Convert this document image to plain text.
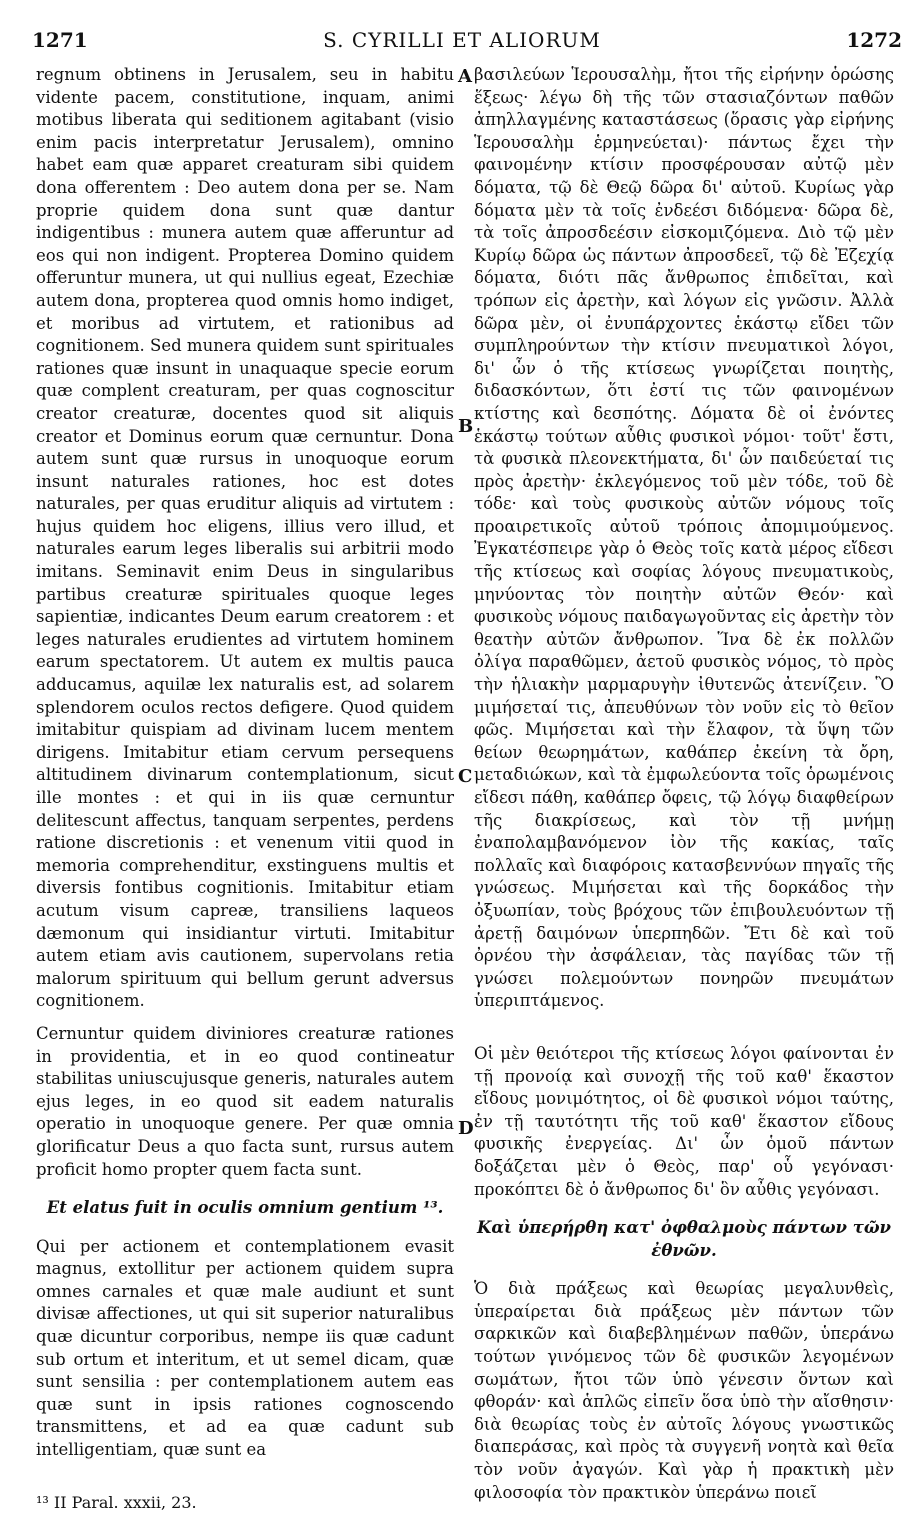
1271	S. CYRILLI ET ALIORUM	1272
A
B
C
D

regnum obtinens in Jerusalem, seu in habitu vidente pacem, constitutione, inquam, animi motibus liberata qui seditionem agitabant (visio enim pacis interpretatur Jerusalem), omnino habet eam quæ apparet creaturam sibi quidem dona offerentem : Deo autem dona per se. Nam proprie quidem dona sunt quæ dantur indigentibus : munera autem quæ afferuntur ad eos qui non indigent. Propterea Domino quidem offeruntur munera, ut qui nullius egeat, Ezechiæ autem dona, propterea quod omnis homo indiget, et moribus ad virtutem, et rationibus ad cognitionem. Sed munera quidem sunt spirituales rationes quæ insunt in unaquaque specie eorum quæ complent creaturam, per quas cognoscitur creator creaturæ, docentes quod sit aliquis creator et Dominus eorum quæ cernuntur. Dona autem sunt quæ rursus in unoquoque eorum insunt naturales rationes, hoc est dotes naturales, per quas eruditur aliquis ad virtutem : hujus quidem hoc eligens, illius vero illud, et naturales earum leges liberalis sui arbitrii modo imitans. Seminavit enim Deus in singularibus partibus creaturæ spirituales quoque leges sapientiæ, indicantes Deum earum creatorem : et leges naturales erudientes ad virtutem hominem earum spectatorem. Ut autem ex multis pauca adducamus, aquilæ lex naturalis est, ad solarem splendorem oculos rectos defigere. Quod quidem imitabitur quispiam ad divinam lucem mentem dirigens. Imitabitur etiam cervum persequens altitudinem divinarum contemplationum, sicut ille montes : et qui in iis quæ cernuntur delitescunt affectus, tanquam serpentes, perdens ratione discretionis : et venenum vitii quod in memoria comprehenditur, exstinguens multis et diversis fontibus cognitionis. Imitabitur etiam acutum visum capreæ, transiliens laqueos dæmonum qui insidiantur virtuti. Imitabitur autem etiam avis cautionem, supervolans retia malorum spirituum qui bellum gerunt adversus cognitionem.

Cernuntur quidem diviniores creaturæ rationes in providentia, et in eo quod contineatur stabilitas uniuscujusque generis, naturales autem ejus leges, in eo quod sit eadem naturalis operatio in unoquoque genere. Per quæ omnia glorificatur Deus a quo facta sunt, rursus autem proficit homo propter quem facta sunt.

Et elatus fuit in oculis omnium gentium ¹³.

Qui per actionem et contemplationem evasit magnus, extollitur per actionem quidem supra omnes carnales et quæ male audiunt et sunt divisæ affectiones, ut qui sit superior naturalibus quæ dicuntur corporibus, nempe iis quæ cadunt sub ortum et interitum, et ut semel dicam, quæ sunt sensilia : per contemplationem autem eas quæ sunt in ipsis rationes cognoscendo transmittens, et ad ea quæ cadunt sub intelligentiam, quæ sunt ea

¹³ II Paral. xxxii, 23.

βασιλεύων Ἱερουσαλὴμ, ἤτοι τῆς εἰρήνην ὁρώσης ἕξεως· λέγω δὴ τῆς τῶν στασιαζόντων παθῶν ἀπηλλαγμένης καταστάσεως (ὅρασις γὰρ εἰρήνης Ἱερουσαλὴμ ἑρμηνεύεται)· πάντως ἔχει τὴν φαινομένην κτίσιν προσφέρουσαν αὐτῷ μὲν δόματα, τῷ δὲ Θεῷ δῶρα δι' αὐτοῦ. Κυρίως γὰρ δόματα μὲν τὰ τοῖς ἐνδεέσι διδόμενα· δῶρα δὲ, τὰ τοῖς ἀπροσδεέσιν εἰσκομιζόμενα. Διὸ τῷ μὲν Κυρίῳ δῶρα ὡς πάντων ἀπροσδεεῖ, τῷ δὲ Ἐζεχίᾳ δόματα, διότι πᾶς ἄνθρωπος ἐπιδεῖται, καὶ τρόπων εἰς ἀρετὴν, καὶ λόγων εἰς γνῶσιν. Ἀλλὰ δῶρα μὲν, οἱ ἐνυπάρχοντες ἑκάστῳ εἴδει τῶν συμπληρούντων τὴν κτίσιν πνευματικοὶ λόγοι, δι' ὧν ὁ τῆς κτίσεως γνωρίζεται ποιητὴς, διδασκόντων, ὅτι ἐστί τις τῶν φαινομένων κτίστης καὶ δεσπότης. Δόματα δὲ οἱ ἐνόντες ἑκάστῳ τούτων αὖθις φυσικοὶ νόμοι· τοῦτ' ἔστι, τὰ φυσικὰ πλεονεκτήματα, δι' ὧν παιδεύεταί τις πρὸς ἀρετὴν· ἐκλεγόμενος τοῦ μὲν τόδε, τοῦ δὲ τόδε· καὶ τοὺς φυσικοὺς αὐτῶν νόμους τοῖς προαιρετικοῖς αὐτοῦ τρόποις ἀπομιμούμενος. Ἐγκατέσπειρε γὰρ ὁ Θεὸς τοῖς κατὰ μέρος εἴδεσι τῆς κτίσεως καὶ σοφίας λόγους πνευματικοὺς, μηνύοντας τὸν ποιητὴν αὐτῶν Θεόν· καὶ φυσικοὺς νόμους παιδαγωγοῦντας εἰς ἀρετὴν τὸν θεατὴν αὐτῶν ἄνθρωπον. Ἵνα δὲ ἐκ πολλῶν ὀλίγα παραθῶμεν, ἀετοῦ φυσικὸς νόμος, τὸ πρὸς τὴν ἡλιακὴν μαρμαρυγὴν ἰθυτενῶς ἀτενίζειν. Ὃ μιμήσεταί τις, ἀπευθύνων τὸν νοῦν εἰς τὸ θεῖον φῶς. Μιμήσεται καὶ τὴν ἔλαφον, τὰ ὕψη τῶν θείων θεωρημάτων, καθάπερ ἐκείνη τὰ ὄρη, μεταδιώκων, καὶ τὰ ἐμφωλεύοντα τοῖς ὁρωμένοις εἴδεσι πάθη, καθάπερ ὄφεις, τῷ λόγῳ διαφθείρων τῆς διακρίσεως, καὶ τὸν τῇ μνήμῃ ἐναπολαμβανόμενον ἰὸν τῆς κακίας, ταῖς πολλαῖς καὶ διαφόροις κατασβεννύων πηγαῖς τῆς γνώσεως. Μιμήσεται καὶ τῆς δορκάδος τὴν ὀξυωπίαν, τοὺς βρόχους τῶν ἐπιβουλευόντων τῇ ἀρετῇ δαιμόνων ὑπερπηδῶν. Ἔτι δὲ καὶ τοῦ ὀρνέου τὴν ἀσφάλειαν, τὰς παγίδας τῶν τῇ γνώσει πολεμούντων πονηρῶν πνευμάτων ὑπεριπτάμενος.

Οἱ μὲν θειότεροι τῆς κτίσεως λόγοι φαίνονται ἐν τῇ προνοίᾳ καὶ συνοχῇ τῆς τοῦ καθ' ἕκαστον εἴδους μονιμότητος, οἱ δὲ φυσικοὶ νόμοι ταύτης, ἐν τῇ ταυτότητι τῆς τοῦ καθ' ἕκαστον εἴδους φυσικῆς ἐνεργείας. Δι' ὧν ὁμοῦ πάντων δοξάζεται μὲν ὁ Θεὸς, παρ' οὗ γεγόνασι· προκόπτει δὲ ὁ ἄνθρωπος δι' ὃν αὖθις γεγόνασι.

Καὶ ὑπερήρθη κατ' ὀφθαλμοὺς πάντων τῶν ἐθνῶν.

Ὁ διὰ πράξεως καὶ θεωρίας μεγαλυνθεὶς, ὑπεραίρεται διὰ πράξεως μὲν πάντων τῶν σαρκικῶν καὶ διαβεβλημένων παθῶν, ὑπεράνω τούτων γινόμενος τῶν δὲ φυσικῶν λεγομένων σωμάτων, ἤτοι τῶν ὑπὸ γένεσιν ὄντων καὶ φθοράν· καὶ ἁπλῶς εἰπεῖν ὅσα ὑπὸ τὴν αἴσθησιν· διὰ θεωρίας τοὺς ἐν αὐτοῖς λόγους γνωστικῶς διαπεράσας, καὶ πρὸς τὰ συγγενῆ νοητὰ καὶ θεῖα τὸν νοῦν ἀγαγών. Καὶ γὰρ ἡ πρακτικὴ μὲν φιλοσοφία τὸν πρακτικὸν ὑπεράνω ποιεῖ
